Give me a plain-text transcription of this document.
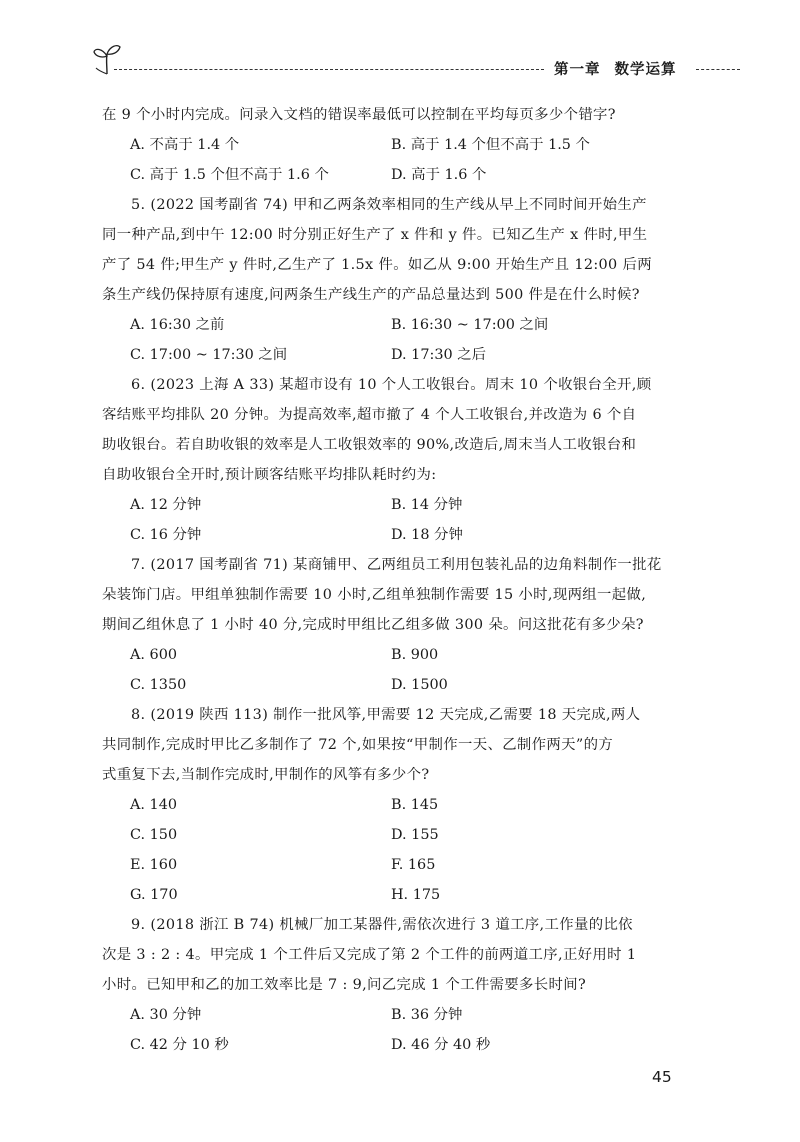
第一章 数学运算
在 9 个小时内完成。问录入文档的错误率最低可以控制在平均每页多少个错字?
A. 不高于 1.4 个	B. 高于 1.4 个但不高于 1.5 个
C. 高于 1.5 个但不高于 1.6 个	D. 高于 1.6 个
5. (2022 国考副省 74) 甲和乙两条效率相同的生产线从早上不同时间开始生产
同一种产品,到中午 12:00 时分别正好生产了 x 件和 y 件。已知乙生产 x 件时,甲生
产了 54 件;甲生产 y 件时,乙生产了 1.5x 件。如乙从 9:00 开始生产且 12:00 后两
条生产线仍保持原有速度,问两条生产线生产的产品总量达到 500 件是在什么时候?
A. 16:30 之前	B. 16:30 ~ 17:00 之间
C. 17:00 ~ 17:30 之间	D. 17:30 之后
6. (2023 上海 A 33) 某超市设有 10 个人工收银台。周末 10 个收银台全开,顾
客结账平均排队 20 分钟。为提高效率,超市撤了 4 个人工收银台,并改造为 6 个自
助收银台。若自助收银的效率是人工收银效率的 90%,改造后,周末当人工收银台和
自助收银台全开时,预计顾客结账平均排队耗时约为:
A. 12 分钟	B. 14 分钟
C. 16 分钟	D. 18 分钟
7. (2017 国考副省 71) 某商铺甲、乙两组员工利用包装礼品的边角料制作一批花
朵装饰门店。甲组单独制作需要 10 小时,乙组单独制作需要 15 小时,现两组一起做,
期间乙组休息了 1 小时 40 分,完成时甲组比乙组多做 300 朵。问这批花有多少朵?
A. 600	B. 900
C. 1350	D. 1500
8. (2019 陕西 113) 制作一批风筝,甲需要 12 天完成,乙需要 18 天完成,两人
共同制作,完成时甲比乙多制作了 72 个,如果按“甲制作一天、乙制作两天”的方
式重复下去,当制作完成时,甲制作的风筝有多少个?
A. 140	B. 145
C. 150	D. 155
E. 160	F. 165
G. 170	H. 175
9. (2018 浙江 B 74) 机械厂加工某器件,需依次进行 3 道工序,工作量的比依
次是 3 : 2 : 4。甲完成 1 个工件后又完成了第 2 个工件的前两道工序,正好用时 1
小时。已知甲和乙的加工效率比是 7 : 9,问乙完成 1 个工件需要多长时间?
A. 30 分钟	B. 36 分钟
C. 42 分 10 秒	D. 46 分 40 秒
45
